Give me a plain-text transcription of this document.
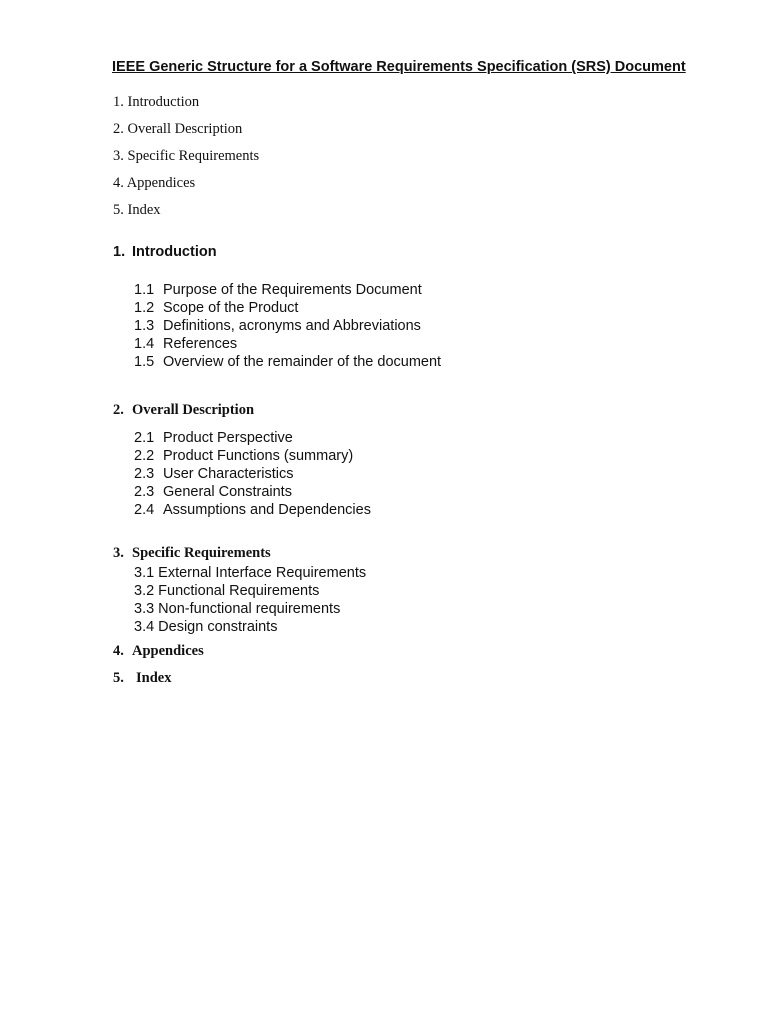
IEEE Generic Structure for a Software Requirements Specification (SRS) Document
1. Introduction
2. Overall Description
3. Specific Requirements
4. Appendices
5. Index
1. Introduction
1.1 Purpose of the Requirements Document
1.2 Scope of the Product
1.3 Definitions, acronyms and Abbreviations
1.4 References
1.5 Overview of the remainder of the document
2. Overall Description
2.1 Product Perspective
2.2 Product Functions (summary)
2.3 User Characteristics
2.3 General Constraints
2.4 Assumptions and Dependencies
3. Specific Requirements
3.1 External Interface Requirements
3.2 Functional Requirements
3.3 Non-functional requirements
3.4 Design constraints
4. Appendices
5. Index
